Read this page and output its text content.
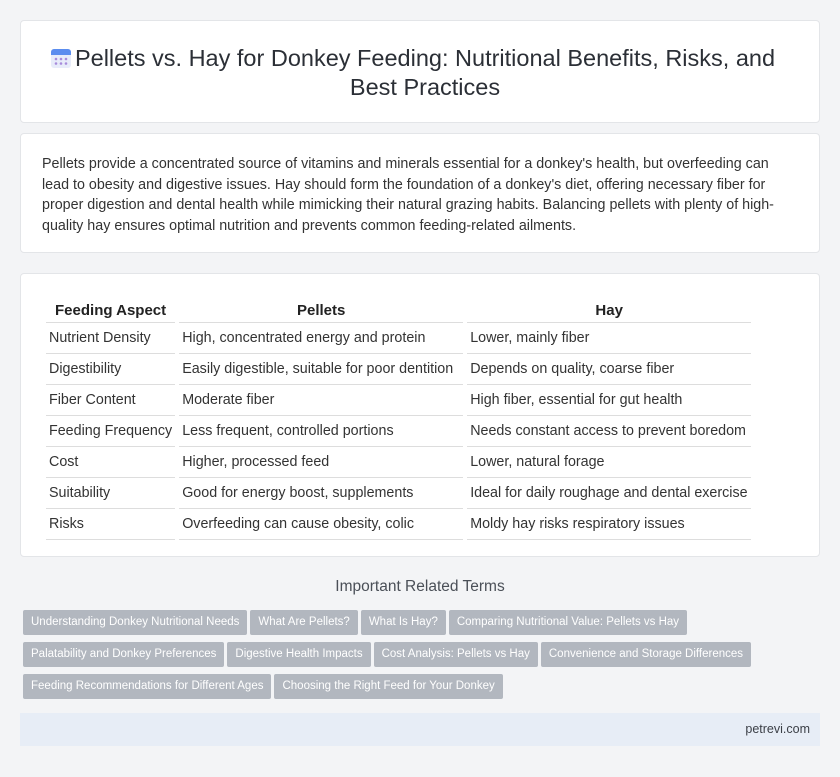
Pellets vs. Hay for Donkey Feeding: Nutritional Benefits, Risks, and Best Practices

Pellets provide a concentrated source of vitamins and minerals essential for a donkey's health, but overfeeding can lead to obesity and digestive issues. Hay should form the foundation of a donkey's diet, offering necessary fiber for proper digestion and dental health while mimicking their natural grazing habits. Balancing pellets with plenty of high-quality hay ensures optimal nutrition and prevents common feeding-related ailments.

Feeding Aspect	Pellets	Hay
Nutrient Density	High, concentrated energy and protein	Lower, mainly fiber
Digestibility	Easily digestible, suitable for poor dentition	Depends on quality, coarse fiber
Fiber Content	Moderate fiber	High fiber, essential for gut health
Feeding Frequency	Less frequent, controlled portions	Needs constant access to prevent boredom
Cost	Higher, processed feed	Lower, natural forage
Suitability	Good for energy boost, supplements	Ideal for daily roughage and dental exercise
Risks	Overfeeding can cause obesity, colic	Moldy hay risks respiratory issues
Important Related Terms
Understanding Donkey Nutritional Needs What Are Pellets? What Is Hay? Comparing Nutritional Value: Pellets vs Hay
Palatability and Donkey Preferences Digestive Health Impacts Cost Analysis: Pellets vs Hay Convenience and Storage Differences
Feeding Recommendations for Different Ages Choosing the Right Feed for Your Donkey
petrevi.com
